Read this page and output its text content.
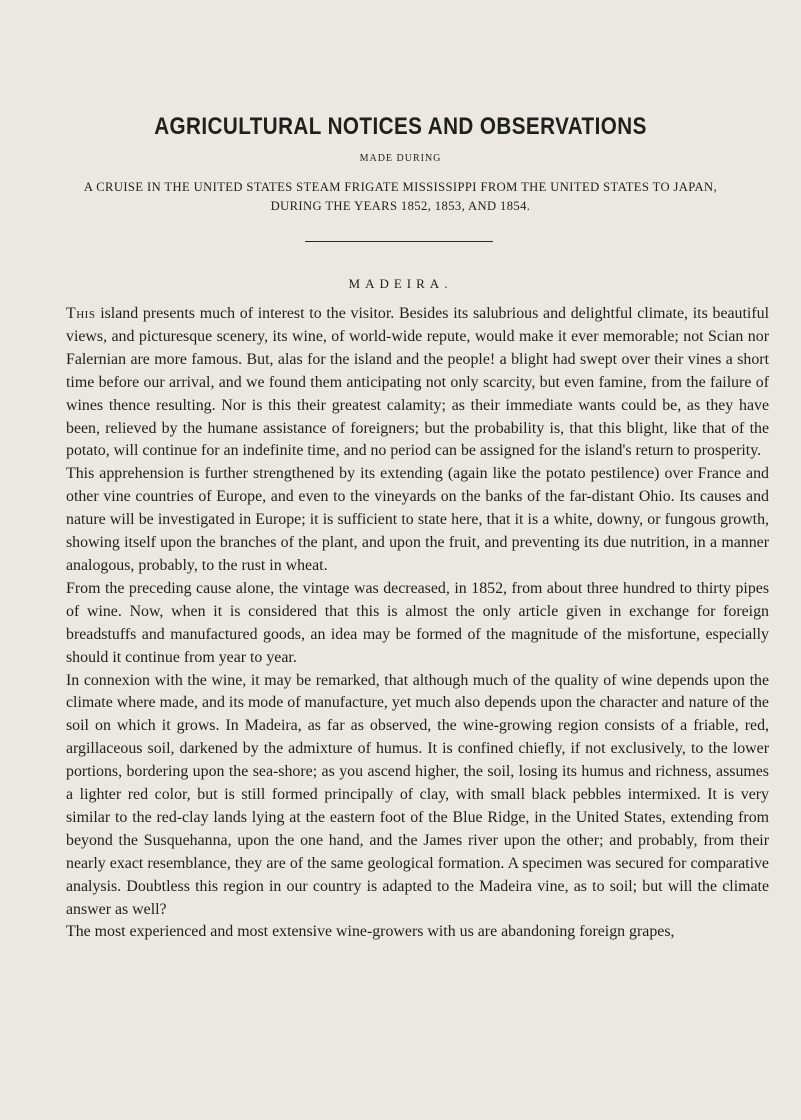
AGRICULTURAL NOTICES AND OBSERVATIONS
MADE DURING
A CRUISE IN THE UNITED STATES STEAM FRIGATE MISSISSIPPI FROM THE UNITED STATES TO JAPAN,
DURING THE YEARS 1852, 1853, AND 1854.
MADEIRA.

This island presents much of interest to the visitor. Besides its salubrious and delightful climate, its beautiful views, and picturesque scenery, its wine, of world-wide repute, would make it ever memorable; not Scian nor Falernian are more famous. But, alas for the island and the people! a blight had swept over their vines a short time before our arrival, and we found them anticipating not only scarcity, but even famine, from the failure of wines thence resulting. Nor is this their greatest calamity; as their immediate wants could be, as they have been, relieved by the humane assistance of foreigners; but the probability is, that this blight, like that of the potato, will continue for an indefinite time, and no period can be assigned for the island's return to prosperity.

This apprehension is further strengthened by its extending (again like the potato pestilence) over France and other vine countries of Europe, and even to the vineyards on the banks of the far-distant Ohio. Its causes and nature will be investigated in Europe; it is sufficient to state here, that it is a white, downy, or fungous growth, showing itself upon the branches of the plant, and upon the fruit, and preventing its due nutrition, in a manner analogous, probably, to the rust in wheat.

From the preceding cause alone, the vintage was decreased, in 1852, from about three hundred to thirty pipes of wine. Now, when it is considered that this is almost the only article given in exchange for foreign breadstuffs and manufactured goods, an idea may be formed of the magnitude of the misfortune, especially should it continue from year to year.

In connexion with the wine, it may be remarked, that although much of the quality of wine depends upon the climate where made, and its mode of manufacture, yet much also depends upon the character and nature of the soil on which it grows. In Madeira, as far as observed, the wine-growing region consists of a friable, red, argillaceous soil, darkened by the admixture of humus. It is confined chiefly, if not exclusively, to the lower portions, bordering upon the sea-shore; as you ascend higher, the soil, losing its humus and richness, assumes a lighter red color, but is still formed principally of clay, with small black pebbles intermixed. It is very similar to the red-clay lands lying at the eastern foot of the Blue Ridge, in the United States, extending from beyond the Susquehanna, upon the one hand, and the James river upon the other; and probably, from their nearly exact resemblance, they are of the same geological formation. A specimen was secured for comparative analysis. Doubtless this region in our country is adapted to the Madeira vine, as to soil; but will the climate answer as well?

The most experienced and most extensive wine-growers with us are abandoning foreign grapes,
